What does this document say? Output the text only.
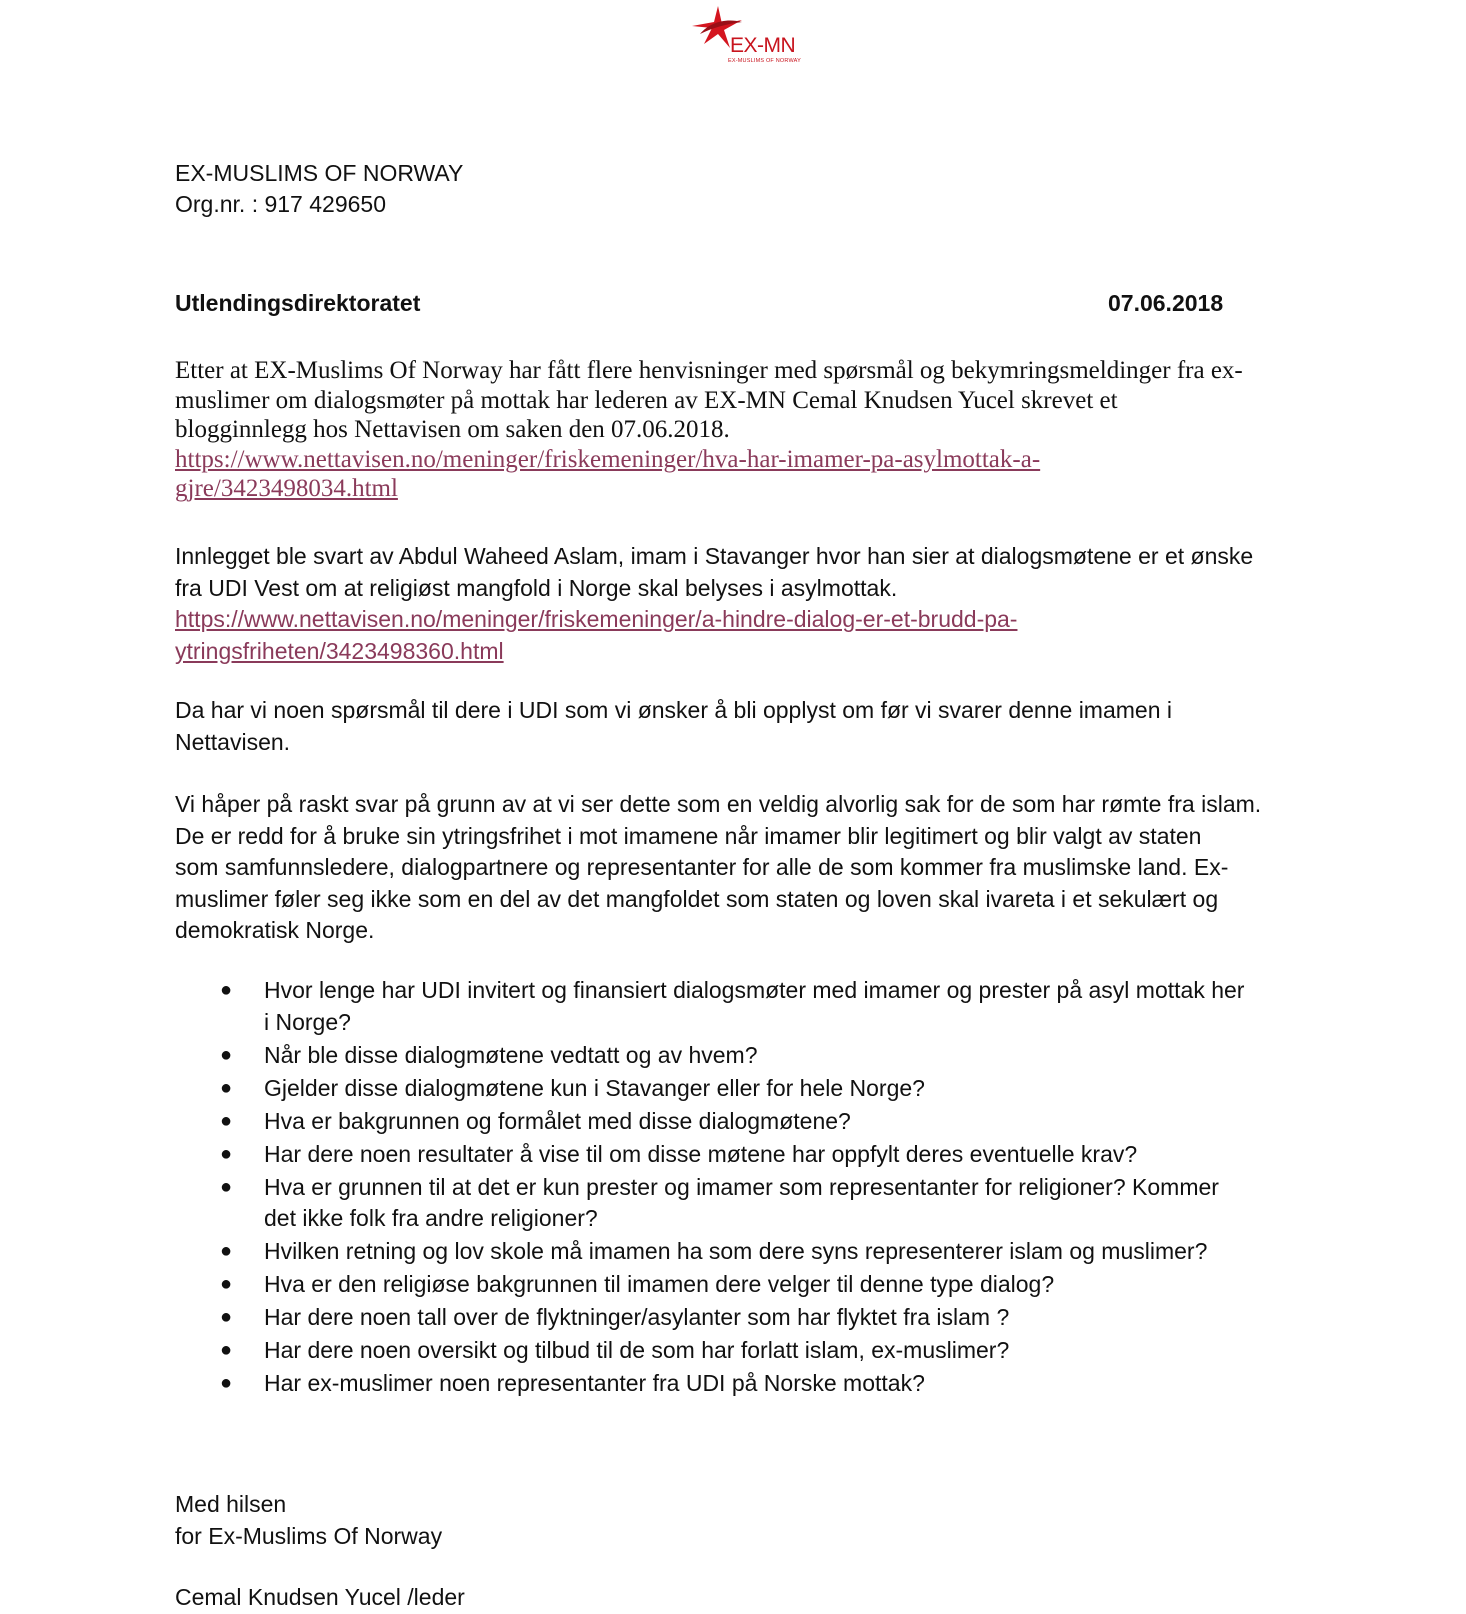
EX-MN
EX-MUSLIMS OF NORWAY
EX-MUSLIMS OF NORWAY
Org.nr. : 917 429650
Utlendingsdirektoratet	07.06.2018
Etter at EX-Muslims Of Norway har fått flere henvisninger med spørsmål og bekymringsmeldinger fra ex-
muslimer om dialogsmøter på mottak har lederen av EX-MN Cemal Knudsen Yucel skrevet et
blogginnlegg hos Nettavisen om saken den 07.06.2018.
https://www.nettavisen.no/meninger/friskemeninger/hva-har-imamer-pa-asylmottak-a-
gjre/3423498034.html
Innlegget ble svart av Abdul Waheed Aslam, imam i Stavanger hvor han sier at dialogsmøtene er et ønske
fra UDI Vest om at religiøst mangfold i Norge skal belyses i asylmottak.
https://www.nettavisen.no/meninger/friskemeninger/a-hindre-dialog-er-et-brudd-pa-
ytringsfriheten/3423498360.html
Da har vi noen spørsmål til dere i UDI som vi ønsker å bli opplyst om før vi svarer denne imamen i
Nettavisen.
Vi håper på raskt svar på grunn av at vi ser dette som en veldig alvorlig sak for de som har rømte fra islam.
De er redd for å bruke sin ytringsfrihet i mot imamene når imamer blir legitimert og blir valgt av staten
som samfunnsledere, dialogpartnere og representanter for alle de som kommer fra muslimske land. Ex-
muslimer føler seg ikke som en del av det mangfoldet som staten og loven skal ivareta i et sekulært og
demokratisk Norge.
● Hvor lenge har UDI invitert og finansiert dialogsmøter med imamer og prester på asyl mottak her
i Norge?
● Når ble disse dialogmøtene vedtatt og av hvem?
● Gjelder disse dialogmøtene kun i Stavanger eller for hele Norge?
● Hva er bakgrunnen og formålet med disse dialogmøtene?
● Har dere noen resultater å vise til om disse møtene har oppfylt deres eventuelle krav?
● Hva er grunnen til at det er kun prester og imamer som representanter for religioner? Kommer
det ikke folk fra andre religioner?
● Hvilken retning og lov skole må imamen ha som dere syns representerer islam og muslimer?
● Hva er den religiøse bakgrunnen til imamen dere velger til denne type dialog?
● Har dere noen tall over de flyktninger/asylanter som har flyktet fra islam ?
● Har dere noen oversikt og tilbud til de som har forlatt islam, ex-muslimer?
● Har ex-muslimer noen representanter fra UDI på Norske mottak?
Med hilsen
for Ex-Muslims Of Norway
Cemal Knudsen Yucel /leder
